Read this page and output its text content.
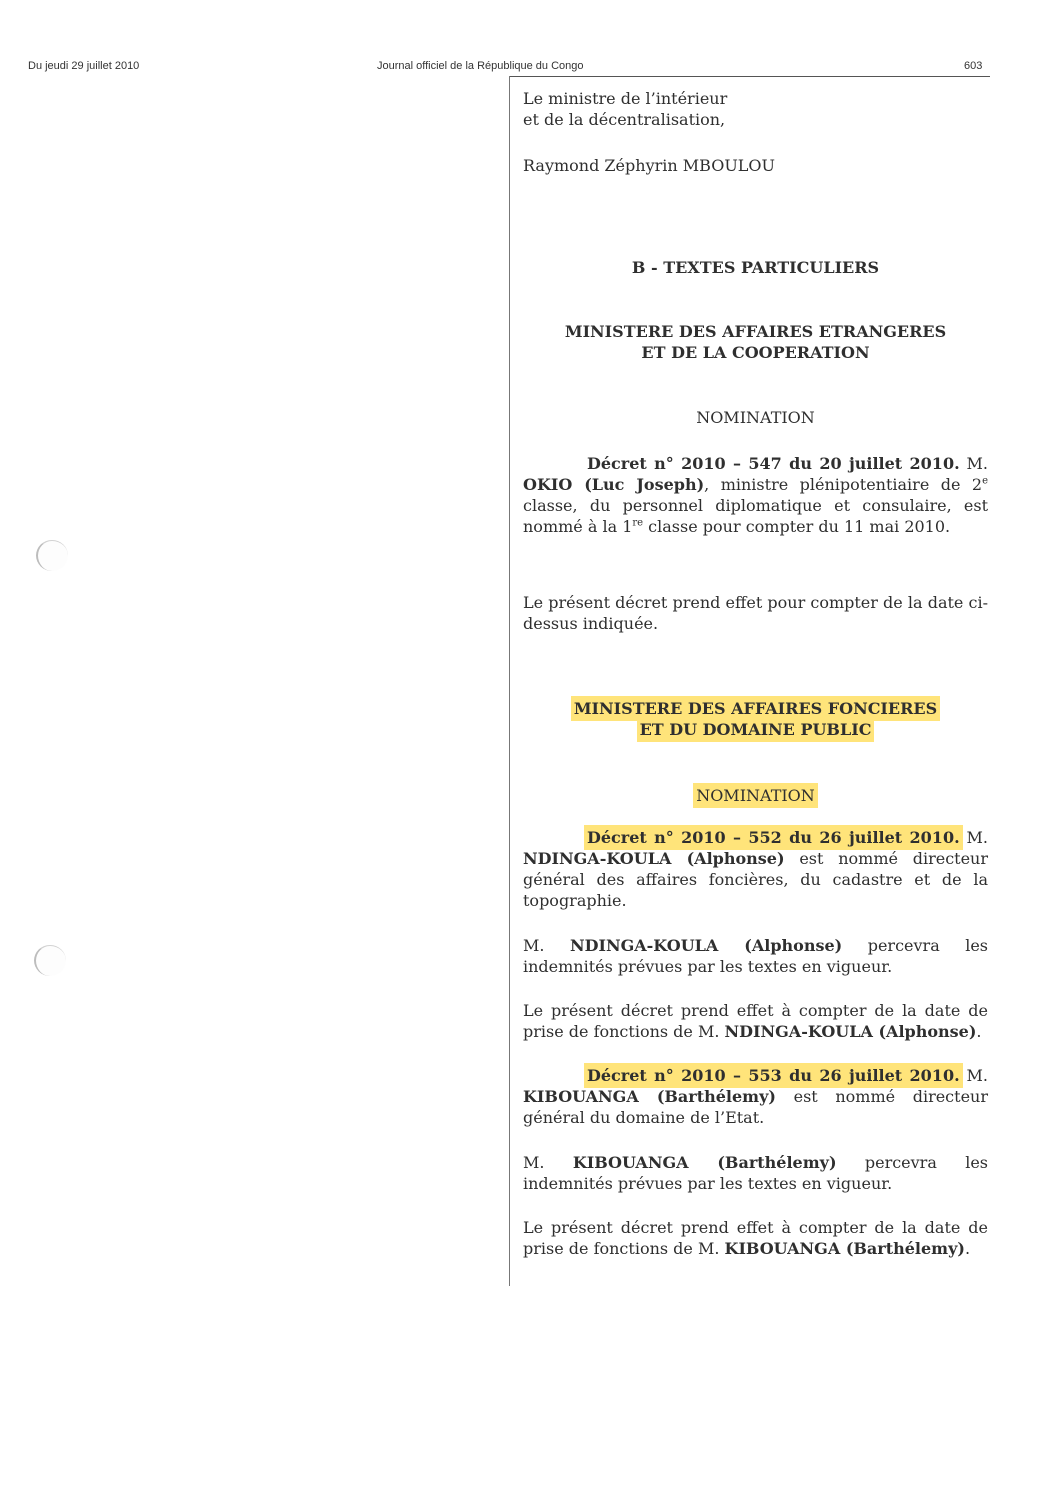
Du jeudi 29 juillet 2010	Journal officiel de la République du Congo	603
Le ministre de l’intérieur
et de la décentralisation,
Raymond Zéphyrin MBOULOU
B - TEXTES PARTICULIERS
MINISTERE DES AFFAIRES ETRANGERES
ET DE LA COOPERATION
NOMINATION

Décret n° 2010 – 547 du 20 juillet 2010. M. OKIO (Luc Joseph), ministre plénipotentiaire de 2e classe, du personnel diplomatique et consulaire, est nommé à la 1re classe pour compter du 11 mai 2010.

Le présent décret prend effet pour compter de la date ci-dessus indiquée.

MINISTERE DES AFFAIRES FONCIERES
ET DU DOMAINE PUBLIC
NOMINATION

Décret n° 2010 – 552 du 26 juillet 2010. M. NDINGA-KOULA (Alphonse) est nommé directeur général des affaires foncières, du cadastre et de la topographie.

M. NDINGA-KOULA (Alphonse) percevra les indemnités prévues par les textes en vigueur.

Le présent décret prend effet à compter de la date de prise de fonctions de M. NDINGA-KOULA (Alphonse).

Décret n° 2010 – 553 du 26 juillet 2010. M. KIBOUANGA (Barthélemy) est nommé directeur général du domaine de l’Etat.

M. KIBOUANGA (Barthélemy) percevra les indemnités prévues par les textes en vigueur.

Le présent décret prend effet à compter de la date de prise de fonctions de M. KIBOUANGA (Barthélemy).
